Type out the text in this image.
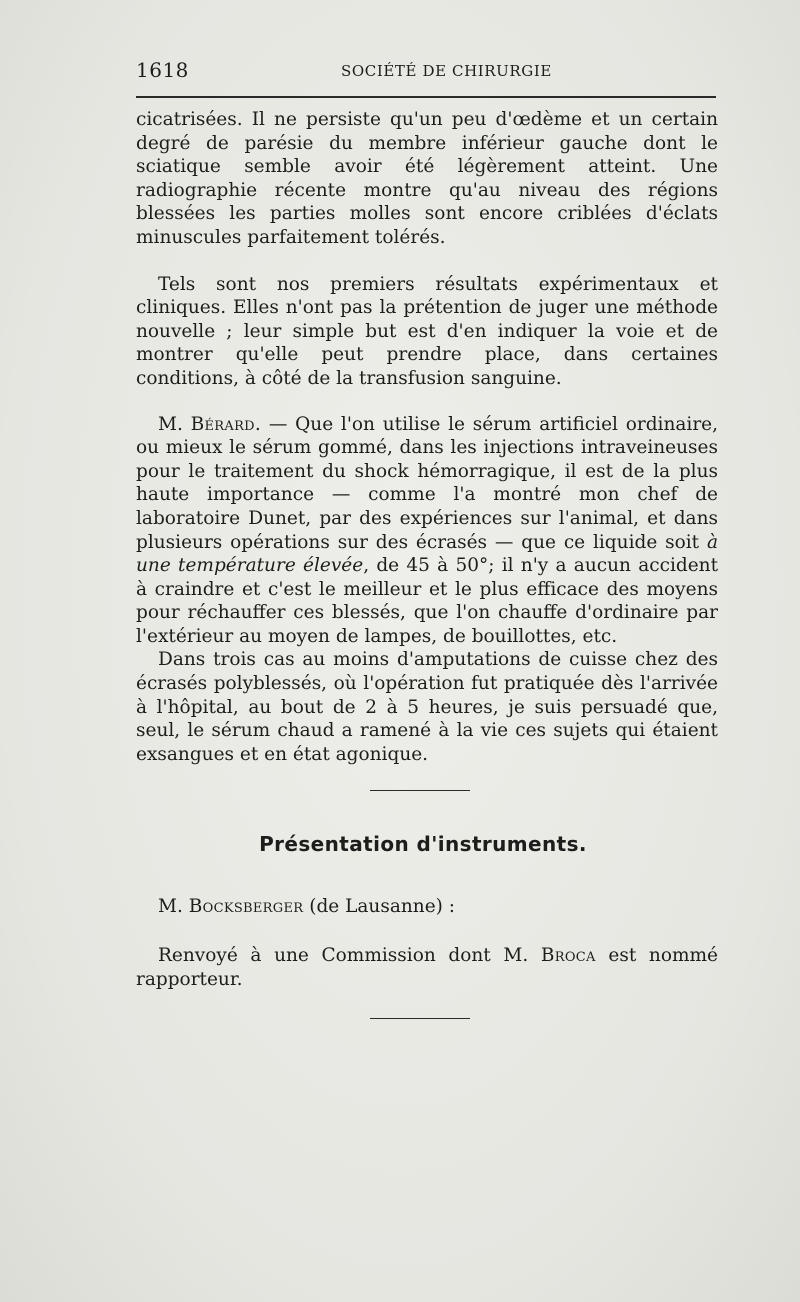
1618	SOCIÉTÉ DE CHIRURGIE

cicatrisées. Il ne persiste qu'un peu d'œdème et un certain degré de parésie du membre inférieur gauche dont le sciatique semble avoir été légèrement atteint. Une radiographie récente montre qu'au niveau des régions blessées les parties molles sont encore criblées d'éclats minuscules parfaitement tolérés.

Tels sont nos premiers résultats expérimentaux et cliniques. Elles n'ont pas la prétention de juger une méthode nouvelle ; leur simple but est d'en indiquer la voie et de montrer qu'elle peut prendre place, dans certaines conditions, à côté de la transfusion sanguine.

M. Bérard. — Que l'on utilise le sérum artificiel ordinaire, ou mieux le sérum gommé, dans les injections intraveineuses pour le traitement du shock hémorragique, il est de la plus haute importance — comme l'a montré mon chef de laboratoire Dunet, par des expériences sur l'animal, et dans plusieurs opérations sur des écrasés — que ce liquide soit à une température élevée, de 45 à 50°; il n'y a aucun accident à craindre et c'est le meilleur et le plus efficace des moyens pour réchauffer ces blessés, que l'on chauffe d'ordinaire par l'extérieur au moyen de lampes, de bouillottes, etc.

Dans trois cas au moins d'amputations de cuisse chez des écrasés polyblessés, où l'opération fut pratiquée dès l'arrivée à l'hôpital, au bout de 2 à 5 heures, je suis persuadé que, seul, le sérum chaud a ramené à la vie ces sujets qui étaient exsangues et en état agonique.

Présentation d'instruments.
M. Bocksberger (de Lausanne) :
Renvoyé à une Commission dont M. Broca est nommé rapporteur.
